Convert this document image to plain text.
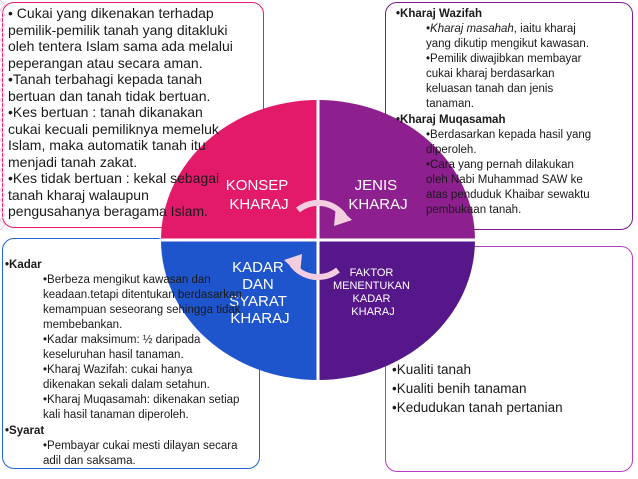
KONSEP KHARAJ
JENIS KHARAJ
KADAR DAN SYARAT KHARAJ
FAKTOR MENENTUKAN KADAR KHARAJ
• Cukai yang dikenakan terhadap
pemilik-pemilik tanah yang ditakluki
oleh tentera Islam sama ada melalui
peperangan atau secara aman.
•Tanah terbahagi kepada tanah
bertuan dan tanah tidak bertuan.
•Kes bertuan : tanah dikanakan
cukai kecuali pemiliknya memeluk
Islam, maka automatik tanah itu
menjadi tanah zakat.
•Kes tidak bertuan : kekal sebagai
tanah kharaj walaupun
pengusahanya beragama Islam.
•Kharaj Wazifah
•Kharaj masahah, iaitu kharaj
yang dikutip mengikut kawasan.
•Pemilik diwajibkan membayar
cukai kharaj berdasarkan
keluasan tanah dan jenis
tanaman.
•Kharaj Muqasamah
•Berdasarkan kepada hasil yang
diperoleh.
•Cara yang pernah dilakukan
oleh Nabi Muhammad SAW ke
atas penduduk Khaibar sewaktu
pembukaan tanah.
•Kadar
•Berbeza mengikut kawasan dan
keadaan.tetapi ditentukan berdasarkan
kemampuan seseorang sehingga tidak
membebankan.
•Kadar maksimum: ½ daripada
keseluruhan hasil tanaman.
•Kharaj Wazifah: cukai hanya
dikenakan sekali dalam setahun.
•Kharaj Muqasamah: dikenakan setiap
kali hasil tanaman diperoleh.
•Syarat
•Pembayar cukai mesti dilayan secara
adil dan saksama.
•Kualiti tanah
•Kualiti benih tanaman
•Kedudukan tanah pertanian
